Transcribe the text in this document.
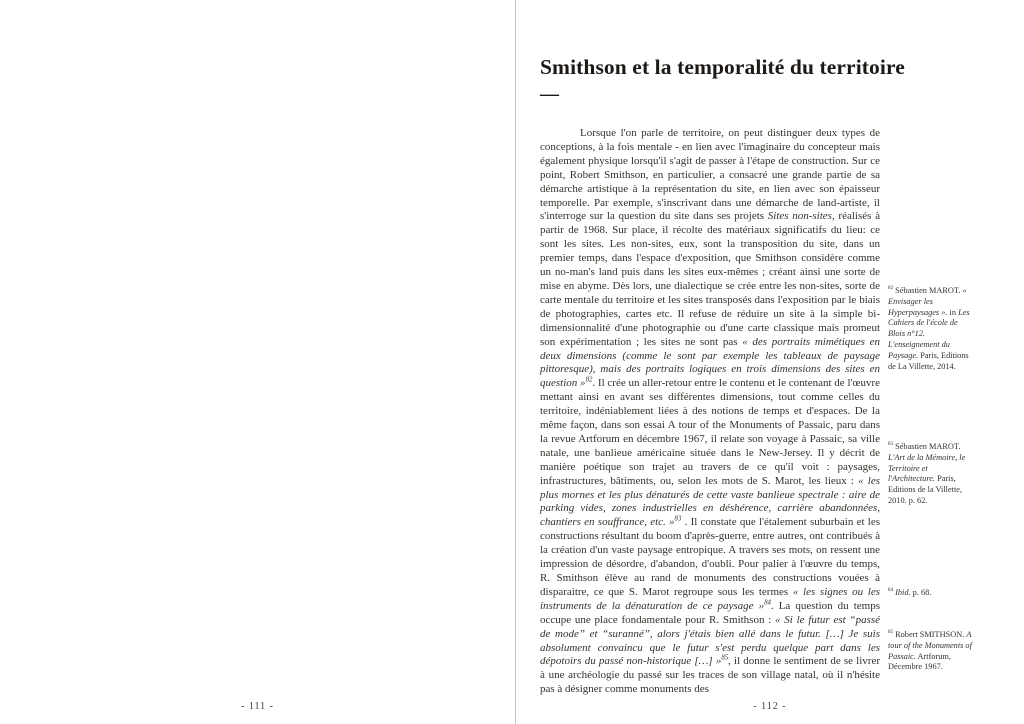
- 111 -
Smithson et la temporalité du territoire
—

Lorsque l'on parle de territoire, on peut distinguer deux types de conceptions, à la fois mentale - en lien avec l'imaginaire du concepteur mais également physique lorsqu'il s'agit de passer à l'étape de construction. Sur ce point, Robert Smithson, en particulier, a consacré une grande partie de sa démarche artistique à la représentation du site, en lien avec son épaisseur temporelle. Par exemple, s'inscrivant dans une démarche de land-artiste, il s'interroge sur la question du site dans ses projets Sites non-sites, réalisés à partir de 1968. Sur place, il récolte des matériaux significatifs du lieu: ce sont les sites. Les non-sites, eux, sont la transposition du site, dans un premier temps, dans l'espace d'exposition, que Smithson considère comme un no-man's land puis dans les sites eux-mêmes ; créant ainsi une sorte de mise en abyme. Dès lors, une dialectique se crée entre les non-sites, sorte de carte mentale du territoire et les sites transposés dans l'exposition par le biais de photographies, cartes etc. Il refuse de réduire un site à la simple bi-dimensionnalité d'une photographie ou d'une carte classique mais promeut son expérimentation ; les sites ne sont pas « des portraits mimétiques en deux dimensions (comme le sont par exemple les tableaux de paysage pittoresque), mais des portraits logiques en trois dimensions des sites en question »$^{82}$. Il crée un aller-retour entre le contenu et le contenant de l'œuvre mettant ainsi en avant ses différentes dimensions, tout comme celles du territoire, indéniablement liées à des notions de temps et d'espaces. De la même façon, dans son essai A tour of the Monuments of Passaic, paru dans la revue Artforum en décembre 1967, il relate son voyage à Passaic, sa ville natale, une banlieue américaine située dans le New-Jersey. Il y décrit de manière poétique son trajet au travers de ce qu'il voit : paysages, infrastructures, bâtiments, ou, selon les mots de S. Marot, les lieux : « les plus mornes et les plus dénaturés de cette vaste banlieue spectrale : aire de parking vides, zones industrielles en déshérence, carrière abandonnées, chantiers en souffrance, etc. »$^{83}$ . Il constate que l'étalement suburbain et les constructions résultant du boom d'après-guerre, entre autres, ont contribués à la création d'un vaste paysage entropique. A travers ses mots, on ressent une impression de désordre, d'abandon, d'oubli. Pour palier à l'œuvre du temps, R. Smithson élève au rand de monuments des constructions vouées à disparaitre, ce que S. Marot regroupe sous les termes « les signes ou les instruments de la dénaturation de ce paysage »$^{84}$. La question du temps occupe une place fondamentale pour R. Smithson : « Si le futur est “passé de mode” et “suranné”, alors j'étais bien allé dans le futur. […] Je suis absolument convaincu que le futur s'est perdu quelque part dans les dépotoirs du passé non-historique […] »$^{85}$, il donne le sentiment de se livrer à une archéologie du passé sur les traces de son village natal, où il n'hésite pas à désigner comme monuments des

$^{82}$ Sébastien MAROT. « Envisager les Hyperpaysages ». in Les Cahiers de l'école de Blois n°12. L'enseignement du Paysage. Paris, Editions de La Villette, 2014.
$^{83}$ Sébastien MAROT. L'Art de la Mémoire, le Territoire et l'Architecture. Paris, Editions de la Villette, 2010. p. 62.
$^{84}$ Ibid. p. 68.
$^{85}$ Robert SMITHSON. A tour of the Monuments of Passaic. Artforum, Décembre 1967.
- 112 -
